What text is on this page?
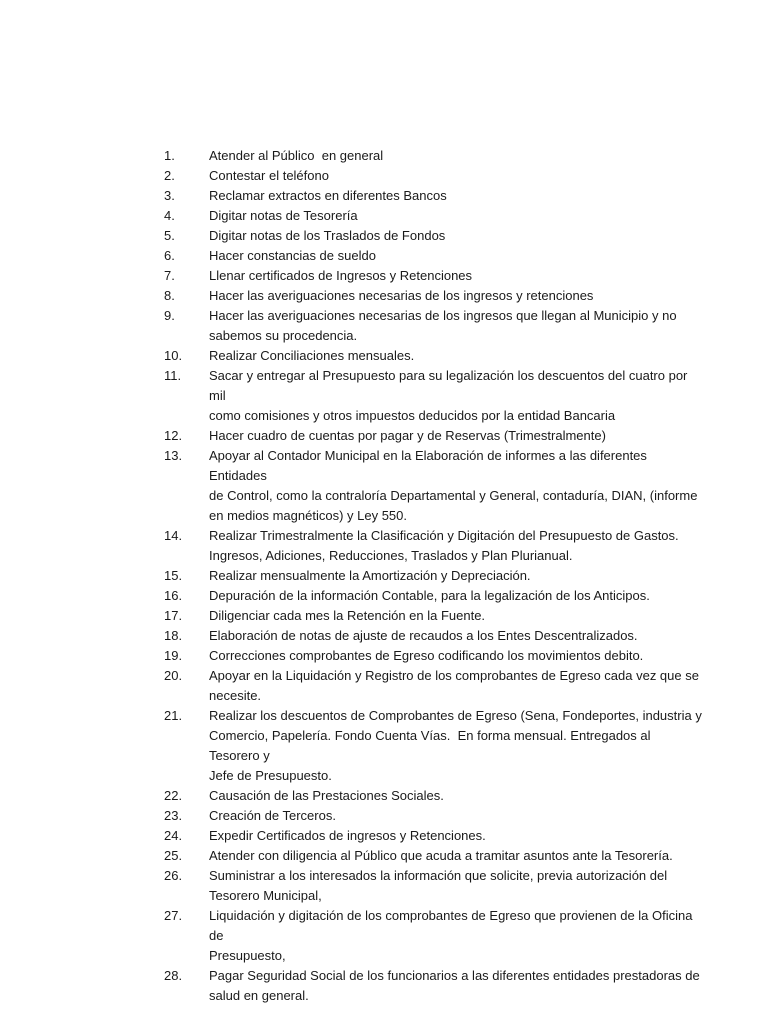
1.	Atender al Público  en general
2.	Contestar el teléfono
3.	Reclamar extractos en diferentes Bancos
4.	Digitar notas de Tesorería
5.	Digitar notas de los Traslados de Fondos
6.	Hacer constancias de sueldo
7.	Llenar certificados de Ingresos y Retenciones
8.	Hacer las averiguaciones necesarias de los ingresos y retenciones
9.	Hacer las averiguaciones necesarias de los ingresos que llegan al Municipio y no
sabemos su procedencia.
10.	Realizar Conciliaciones mensuales.
11.	Sacar y entregar al Presupuesto para su legalización los descuentos del cuatro por mil
como comisiones y otros impuestos deducidos por la entidad Bancaria
12.	Hacer cuadro de cuentas por pagar y de Reservas (Trimestralmente)
13.	Apoyar al Contador Municipal en la Elaboración de informes a las diferentes Entidades
de Control, como la contraloría Departamental y General, contaduría, DIAN, (informe
en medios magnéticos) y Ley 550.
14.	Realizar Trimestralmente la Clasificación y Digitación del Presupuesto de Gastos.
Ingresos, Adiciones, Reducciones, Traslados y Plan Plurianual.
15.	Realizar mensualmente la Amortización y Depreciación.
16.	Depuración de la información Contable, para la legalización de los Anticipos.
17.	Diligenciar cada mes la Retención en la Fuente.
18.	Elaboración de notas de ajuste de recaudos a los Entes Descentralizados.
19.	Correcciones comprobantes de Egreso codificando los movimientos debito.
20.	Apoyar en la Liquidación y Registro de los comprobantes de Egreso cada vez que se
necesite.
21.	Realizar los descuentos de Comprobantes de Egreso (Sena, Fondeportes, industria y
Comercio, Papelería. Fondo Cuenta Vías.  En forma mensual. Entregados al Tesorero y
Jefe de Presupuesto.
22.	Causación de las Prestaciones Sociales.
23.	Creación de Terceros.
24.	Expedir Certificados de ingresos y Retenciones.
25.	Atender con diligencia al Público que acuda a tramitar asuntos ante la Tesorería.
26.	Suministrar a los interesados la información que solicite, previa autorización del
Tesorero Municipal,
27.	Liquidación y digitación de los comprobantes de Egreso que provienen de la Oficina de
Presupuesto,
28.	Pagar Seguridad Social de los funcionarios a las diferentes entidades prestadoras de
salud en general.
